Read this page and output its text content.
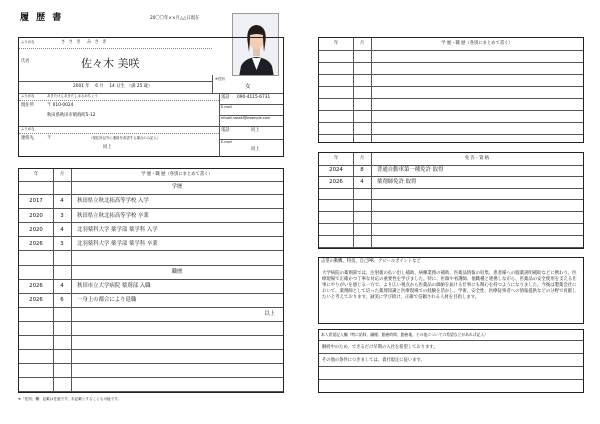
履 歴 書	20〇〇年××月△△日現在
ふりがな	さ さ き　み さ き
氏名	佐々木 美咲
2001 年　 6 月　 14 日生　（満 25 歳）
※性別
女
ふりがな	あきたけんあきたしはるめちょう
現住所	〒 010-0024
秋田県秋田市晴海町5-12
電話 090-4115-6731
E-mail
misaki.sasaki@example.com
ふりがな
連絡先	〒	（現住所以外に連絡を希望する場合のみ記入）
同上
電話	同上
E-mail
同上
年	月	学 歴・職 歴（各別にまとめて書く）
学歴
2017	4	秋田県立秋北拓高等学校 入学
2020	3	秋田県立秋北拓高等学校 卒業
2020	4	北羽薬科大学 薬学部 薬学科 入学
2026	3	北羽薬科大学 薬学部 薬学科 卒業
職歴
2026	4	秋田市立大学病院 薬剤部 入職
2026	6	一身上の都合により退職
以上
※「性別」欄：記載は任意です。未記載とすることも可能です。
年	月	学 歴・職 歴（各別にまとめて書く）
年	月	免 許・資 格
2024	8	普通自動車第一種免許 取得
2026	4	薬剤師免許 取得
志望の動機、特技、自己PR、アピールポイントなど
大学病院の薬剤部では、注射薬の払い出し補助、病棟業務の補助、医薬品情報の収集、患者様への服薬説明補助などに携わり、医療現場で正確かつ丁寧な対応の重要性を学びました。特に、医師や看護師、他職種と連携しながら、医薬品の安全使用を支える仕事にやりがいを感じる一方で、より広い視点から医薬品の価値を届ける仕事にも関心を持つようになりました。今後は製薬会社において、薬剤師として培った薬理知識と医療現場での経験を活かし、学術、安全性、医療従事者への情報提供などの分野で貢献したいと考えております。誠実に学び続け、正確で信頼される人材を目指します。
本人希望記入欄（特に給料、職種、勤務時間、勤務地、その他についての希望などがあれば記入）
継続中のため、できるだけ早期の入社を希望しております。
その他の条件につきましては、貴社規定に従います。
